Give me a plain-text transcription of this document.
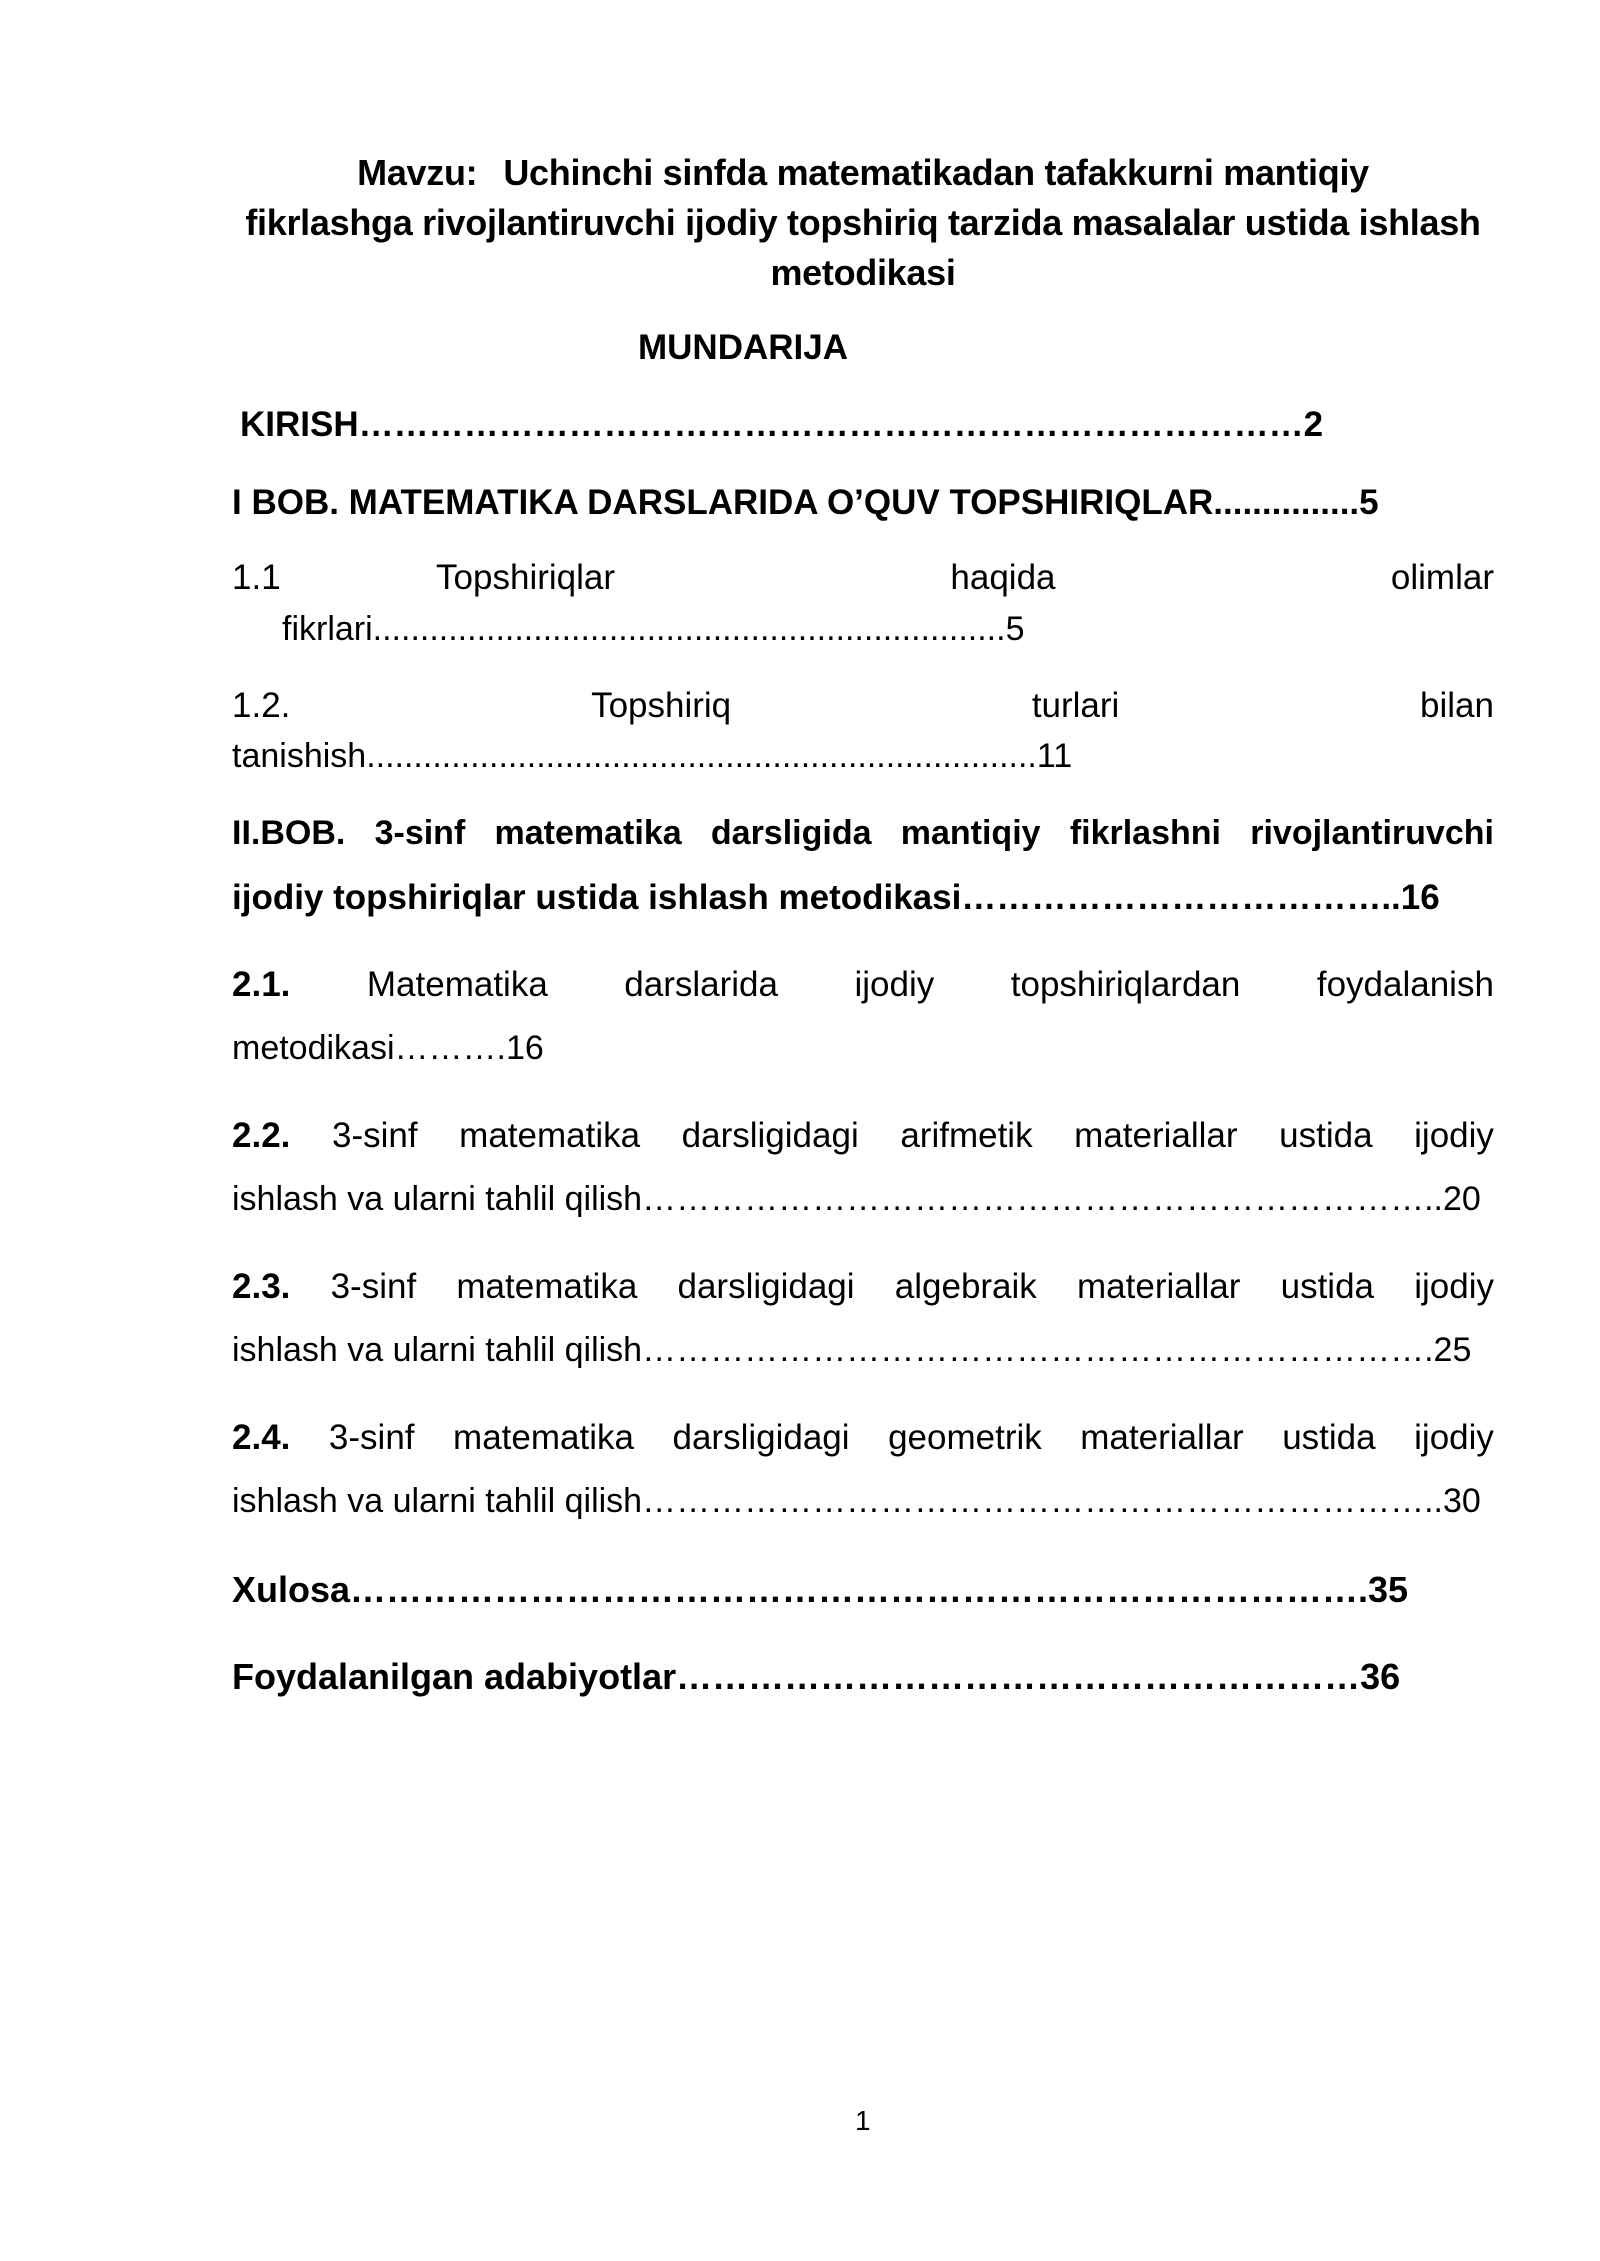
Mavzu: Uchinchi sinfda matematikadan tafakkurni mantiqiy
fikrlashga rivojlantiruvchi ijodiy topshiriq tarzida masalalar ustida ishlash
metodikasi
MUNDARIJA
KIRISH………………………………………………………………………2
I BOB. MATEMATIKA DARSLARIDA O’QUV TOPSHIRIQLAR...............5
1.1	Topshiriqlar	haqida	olimlar
fikrlari...................................................................5
1.2.	Topshiriq	turlari	bilan
tanishish.......................................................................11
II.BOB. 3-sinf matematika darsligida mantiqiy fikrlashni rivojlantiruvchi
ijodiy topshiriqlar ustida ishlash metodikasi………………………………..16
2.1. Matematika darslarida ijodiy topshiriqlardan foydalanish
metodikasi……….16
2.2. 3-sinf matematika darsligidagi arifmetik materiallar ustida ijodiy
ishlash va ularni tahlil qilish……………………………………………………………..20
2.3. 3-sinf matematika darsligidagi algebraik materiallar ustida ijodiy
ishlash va ularni tahlil qilish…………………………………………………………….25
2.4. 3-sinf matematika darsligidagi geometrik materiallar ustida ijodiy
ishlash va ularni tahlil qilish……………………………………………………………..30
Xulosa………………………………………………………………………….35
Foydalanilgan adabiyotlar…………………………………………………36
1
